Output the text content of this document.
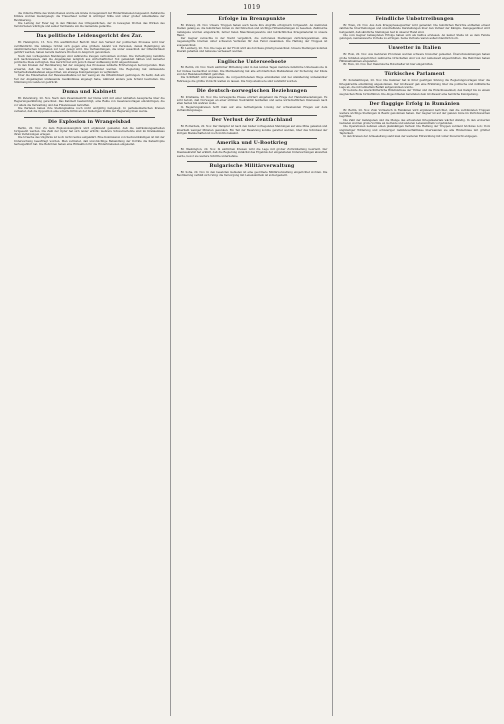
1019

die irdische Hülle des Verstorbenen wurde am Grabe in Gegenwart der Hinterbliebenen beigesetzt. Zahlreiche Kränze wurden niedergelegt; die Trauerfeier verlief in würdiger Stille und unter großer Anteilnahme der Bevölkerung.

Die Leitung der Feier lag in den Händen des Ortsgeistlichen, der in bewegten Worten das Wirken des Verstorbenen würdigte und seiner Verdienste um die Gemeinde gedachte.

Das politische Leidensgericht des Zar.

Br. Helsingfors, 15. Nov. Ein ausführlicher Bericht über den Verlauf der politischen Prozesse wird hier veröffentlicht. Die Anklage richtet sich gegen eine größere Anzahl von Personen, denen Beteiligung an umstürzlerischen Umtrieben zur Last gelegt wird. Die Verhandlungen, die unter Ausschluß der Öffentlichkeit geführt werden, haben bereits mehrere Wochen in Anspruch genommen.

Nach den vorliegenden Meldungen sind zahlreiche Zeugen vernommen worden. Die Verteidigung bemühte sich nachzuweisen, daß die Angeklagten lediglich aus wirtschaftlicher Not gehandelt hätten und keinerlei politische Ziele verfolgten. Das Gericht hat sich jedoch dieser Auffassung nicht angeschlossen.

In den Kreisen der Bevölkerung hat der Ausgang des Prozesses lebhafte Erörterungen hervorgerufen. Man erwartet, daß die Urteile in den nächsten Tagen verkündet werden. Die Regierung hat umfassende Sicherheitsmaßnahmen angeordnet, um etwaige Kundgebungen zu verhindern.

Über die Einzelheiten der Beweisaufnahme ist nur wenig an die Öffentlichkeit gedrungen. Es heißt, daß ein Teil der Angeklagten umfassende Geständnisse abgelegt habe, während andere jede Schuld bestreiten. Die Stimmung im Lande ist gedrückt.

Duma und Kabinett

Br. Petersburg, 20. Nov. Nach dem Zusammentritt der Duma wird mit einer lebhaften Aussprache über die Regierungserklärung gerechnet. Das Kabinett beabsichtigt, eine Reihe von Gesetzesvorlagen einzubringen, die vor allem die Verwaltung und das Finanzwesen betreffen.

Die Parteien haben ihre Stellungnahme noch nicht endgültig festgelegt. In parlamentarischen Kreisen verlautet, daß die Opposition eine scharfe Kritik an der bisherigen Politik der Regierung üben werde.

Die Explosion in Wrangelsbad

Berlin, 20. Nov. Zu dem Explosionsunglück wird ergänzend gemeldet, daß die Aufräumungsarbeiten fortgesetzt werden. Die Zahl der Opfer hat sich leider erhöht; mehrere Schwerverletzte sind im Krankenhaus ihren Verletzungen erlegen.

Die Ursache des Unglücks ist noch nicht restlos aufgeklärt. Eine Kommission von Sachverständigen ist mit der Untersuchung beauftragt worden. Man vermutet, daß unvorsichtige Behandlung der Vorräte die Katastrophe herbeigeführt hat. Die Behörden haben eine Hilfsaktion für die Hinterbliebenen eingeleitet.

Erfolge im Brennpunkte

Br. Pulawy, 20. Nov. Unsere Truppen haben auch heute ihre Angriffe erfolgreich fortgesetzt. An mehreren Stellen gelang es, die feindlichen Linien zu durchbrechen und wichtige Höhenstellungen zu besetzen. Zahlreiche Gefangene wurden eingebracht, ferner fielen Maschinengewehre und beträchtliches Kriegsmaterial in unsere Hand.

Der Gegner versuchte in der Nacht vergeblich, die verlorenen Stellungen zurückzugewinnen. Alle Gegenangriffe brachen unter schweren Verlusten für den Feind zusammen. Die Haltung der Truppen ist ausgezeichnet.

Br. Lemberg, 20. Nov. Die Lage an der Front wird als durchaus günstig bezeichnet. Unsere Stellungen konnten überall gehalten und teilweise verbessert werden.

Englische Unterseeboote

Br. Berlin, 20. Nov. Nach amtlicher Mitteilung sind in den letzten Tagen mehrere feindliche Unterseeboote in der Ostsee beobachtet worden. Die Marineleitung hat alle erforderlichen Maßnahmen zur Sicherung der Küste und der Handelsschiffahrt getroffen.

Die Schiffahrt wird angewiesen, die vorgeschriebenen Wege einzuhalten und bei Annäherung unbekannter Fahrzeuge die größte Vorsicht walten zu lassen. Die Vorpostenboote sind verstärkt worden.

Die deutsch-norwegischen Beziehungen

Br. Kristiania, 20. Nov. Die norwegische Presse erörtert eingehend die Frage der Handelsbeziehungen. Es wird betont, daß Norwegen an einer strikten Neutralität festhalten und seine wirtschaftlichen Interessen nach allen Seiten hin wahren wolle.

In Regierungskreisen hofft man auf eine befriedigende Lösung der schwebenden Fragen auf dem Verhandlungswege.

Der Verlust der Zentfachland

Br. Rotterdam, 20. Nov. Der Dampfer ist nach den bisher vorliegenden Meldungen auf eine Mine gelaufen und innerhalb weniger Minuten gesunken. Ein Teil der Besatzung konnte gerettet werden, über das Schicksal der übrigen Mannschaften ist noch nichts bekannt.

Amerika und U-Bootkrieg

Br. Washington, 20. Nov. In amtlichen Kreisen wird die Lage mit großer Zurückhaltung beurteilt. Der Staatssekretär hat erklärt, daß die Regierung zunächst das Ergebnis der eingeleiteten Untersuchungen abwarten werde, bevor sie weitere Schritte unternehme.

Bulgarische Militärverwaltung

Br. Sofia, 20. Nov. In den besetzten Gebieten ist eine geordnete Militärverwaltung eingerichtet worden. Die Bevölkerung verhält sich ruhig; die Versorgung mit Lebensmitteln ist sichergestellt.

Feindliche Unbotrreibungen

Br. Wien, 20. Nov. Aus dem Kriegspressequartier wird gemeldet: Die feindlichen Berichte enthalten erneut zahlreiche Übertreibungen und unzutreffende Darstellungen über den Verlauf der Kämpfe. Demgegenüber wird festgestellt, daß sämtliche Stellungen fest in unserer Hand sind.

Die vom Gegner behaupteten Erfolge haben sich als haltlos erwiesen. An keiner Stelle ist es dem Feinde gelungen, nennenswerte Vorteile zu erringen. Seine Verluste waren außerordentlich hoch.

Unwetter in Italien

Br. Rom, 20. Nov. Aus mehreren Provinzen werden schwere Unwetter gemeldet. Überschwemmungen haben große Schäden angerichtet; zahlreiche Ortschaften sind von der Außenwelt abgeschnitten. Die Behörden haben Hilfsmaßnahmen eingeleitet.

Br. Rom, 20. Nov. Der französische Botschafter ist hier eingetroffen.

Türkisches Parlament

Br. Konstantinopel, 20. Nov. Die Kammer hat in ihrer gestrigen Sitzung die Regierungsvorlagen über die Kriegskredite einstimmig angenommen. Der Großwesir gab eine Erklärung über die politische und militärische Lage ab, die mit lebhaftem Beifall aufgenommen wurde.

Er betonte die unerschütterliche Bündnistreue der Türkei und die Entschlossenheit, den Kampf bis zu einem siegreichen Ende fortzuführen. Die Abgeordneten bereiteten dem Großwesir eine herzliche Kundgebung.

Der flaggige Erfolg in Rumänien

Br. Berlin, 20. Nov. Zum Vormarsch in Rumänien wird ergänzend berichtet, daß die verbündeten Truppen weitere wichtige Stellungen in Besitz genommen haben. Der Gegner ist auf der ganzen Linie im Zurückweichen begriffen.

Die Zahl der Gefangenen und die Menge des erbeuteten Kriegsmaterials wächst ständig. In den eroberten Gebieten wurden große Vorräte an Getreide und anderen Lebensmitteln vorgefunden.

Die Operationen nehmen einen planmäßigen Verlauf. Die Haltung der Truppen verdient höchstes Lob; trotz ungünstiger Witterung und schwieriger Geländeverhältnisse überwanden sie alle Hindernisse mit größter Tapferkeit.

In den Kreisen der Armeeleitung sieht man der weiteren Entwicklung mit voller Zuversicht entgegen.
